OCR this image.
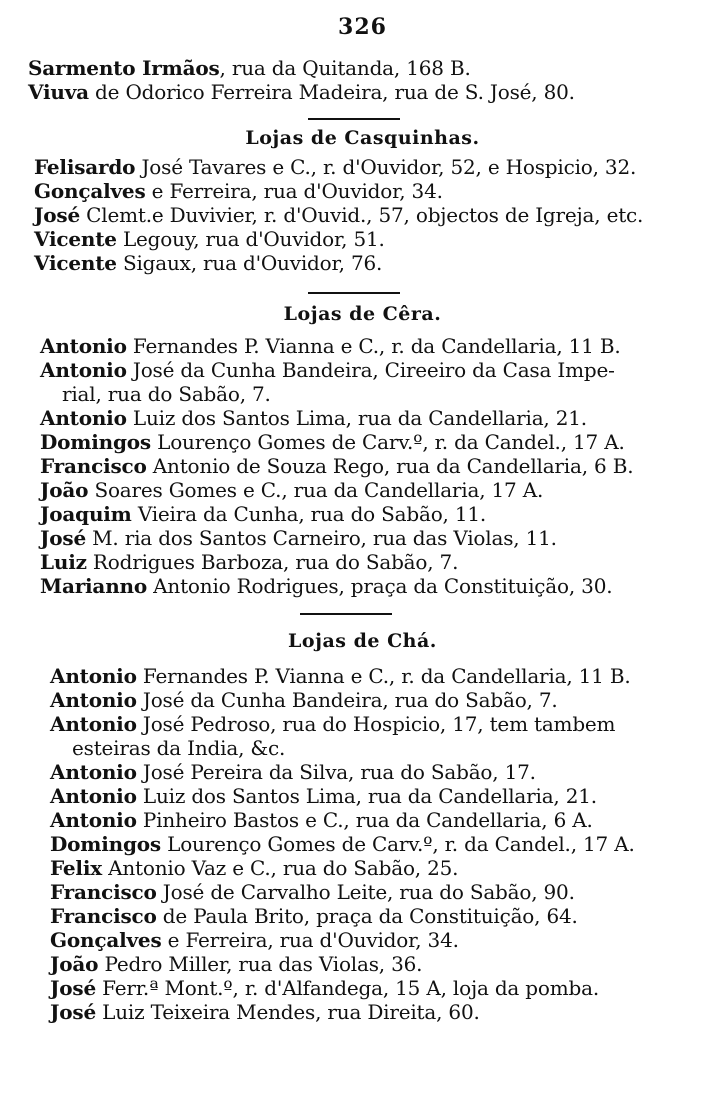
326
Sarmento Irmãos, rua da Quitanda, 168 B.
Viuva de Odorico Ferreira Madeira, rua de S. José, 80.
Lojas de Casquinhas.
Felisardo José Tavares e C., r. d'Ouvidor, 52, e Hospicio, 32.
Gonçalves e Ferreira, rua d'Ouvidor, 34.
José Clemt.e Duvivier, r. d'Ouvid., 57, objectos de Igreja, etc.
Vicente Legouy, rua d'Ouvidor, 51.
Vicente Sigaux, rua d'Ouvidor, 76.
Lojas de Cêra.
Antonio Fernandes P. Vianna e C., r. da Candellaria, 11 B.
Antonio José da Cunha Bandeira, Cireeiro da Casa Impe-
rial, rua do Sabão, 7.
Antonio Luiz dos Santos Lima, rua da Candellaria, 21.
Domingos Lourenço Gomes de Carv.º, r. da Candel., 17 A.
Francisco Antonio de Souza Rego, rua da Candellaria, 6 B.
João Soares Gomes e C., rua da Candellaria, 17 A.
Joaquim Vieira da Cunha, rua do Sabão, 11.
José M. ria dos Santos Carneiro, rua das Violas, 11.
Luiz Rodrigues Barboza, rua do Sabão, 7.
Marianno Antonio Rodrigues, praça da Constituição, 30.
Lojas de Chá.
Antonio Fernandes P. Vianna e C., r. da Candellaria, 11 B.
Antonio José da Cunha Bandeira, rua do Sabão, 7.
Antonio José Pedroso, rua do Hospicio, 17, tem tambem
esteiras da India, &c.
Antonio José Pereira da Silva, rua do Sabão, 17.
Antonio Luiz dos Santos Lima, rua da Candellaria, 21.
Antonio Pinheiro Bastos e C., rua da Candellaria, 6 A.
Domingos Lourenço Gomes de Carv.º, r. da Candel., 17 A.
Felix Antonio Vaz e C., rua do Sabão, 25.
Francisco José de Carvalho Leite, rua do Sabão, 90.
Francisco de Paula Brito, praça da Constituição, 64.
Gonçalves e Ferreira, rua d'Ouvidor, 34.
João Pedro Miller, rua das Violas, 36.
José Ferr.ª Mont.º, r. d'Alfandega, 15 A, loja da pomba.
José Luiz Teixeira Mendes, rua Direita, 60.
